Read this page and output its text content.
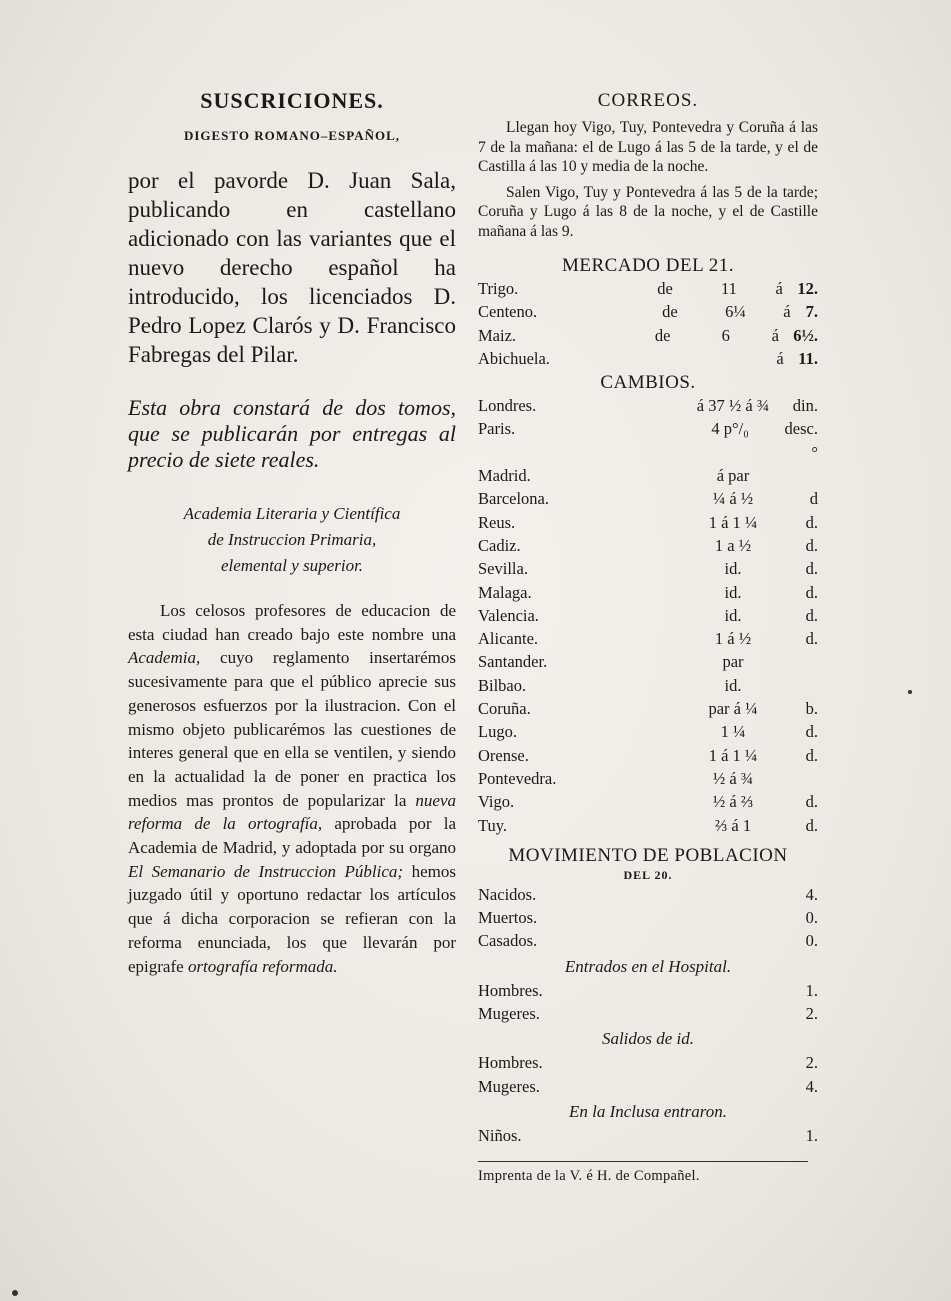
SUSCRICIONES.
DIGESTO ROMANO–ESPAÑOL,

por el pavorde D. Juan Sala, publicando en castellano adicionado con las variantes que el nuevo derecho español ha introducido, los licenciados D. Pedro Lopez Clarós y D. Francisco Fabregas del Pilar.

Esta obra constará de dos tomos, que se publicarán por entregas al precio de siete reales.

Academia Literaria y Científica
de Instruccion Primaria,
elemental y superior.

Los celosos profesores de educacion de esta ciudad han creado bajo este nombre una Academia, cuyo reglamento insertarémos sucesivamente para que el público aprecie sus generosos esfuerzos por la ilustracion. Con el mismo objeto publicarémos las cuestiones de interes general que en ella se ventilen, y siendo en la actualidad la de poner en practica los medios mas prontos de popularizar la nueva reforma de la ortografía, aprobada por la Academia de Madrid, y adoptada por su organo El Semanario de Instruccion Pública; hemos juzgado útil y oportuno redactar los artículos que á dicha corporacion se refieran con la reforma enunciada, los que llevarán por epigrafe ortografía reformada.

CORREOS.

Llegan hoy Vigo, Tuy, Pontevedra y Coruña á las 7 de la mañana: el de Lugo á las 5 de la tarde, y el de Castilla á las 10 y media de la noche.

Salen Vigo, Tuy y Pontevedra á las 5 de la tarde; Coruña y Lugo á las 8 de la noche, y el de Castille mañana á las 9.

MERCADO DEL 21.
Trigo.	de	11	á 12.
Centeno.	de	6¼	á 7.
Maiz.	de	6	á 6½.
Abichuela.	á 11.
CAMBIOS.
Londres.	á 37 ½ á ¾	din.
Paris.	4 p°/₀	desc.°
Madrid.	á par
Barcelona.	¼ á ½	d
Reus.	1 á 1 ¼	d.
Cadiz.	1 a ½	d.
Sevilla.	id.	d.
Malaga.	id.	d.
Valencia.	id.	d.
Alicante.	1 á ½	d.
Santander.	par
Bilbao.	id.
Coruña.	par á ¼	b.
Lugo.	1 ¼	d.
Orense.	1 á 1 ¼	d.
Pontevedra.	½ á ¾
Vigo.	½ á ⅔	d.
Tuy.	⅔ á 1	d.
MOVIMIENTO DE POBLACION
DEL 20.
Nacidos.	4.
Muertos.	0.
Casados.	0.
Entrados en el Hospital.
Hombres.	1.
Mugeres.	2.
Salidos de id.
Hombres.	2.
Mugeres.	4.
En la Inclusa entraron.
Niños.	1.
Imprenta de la V. é H. de Compañel.
